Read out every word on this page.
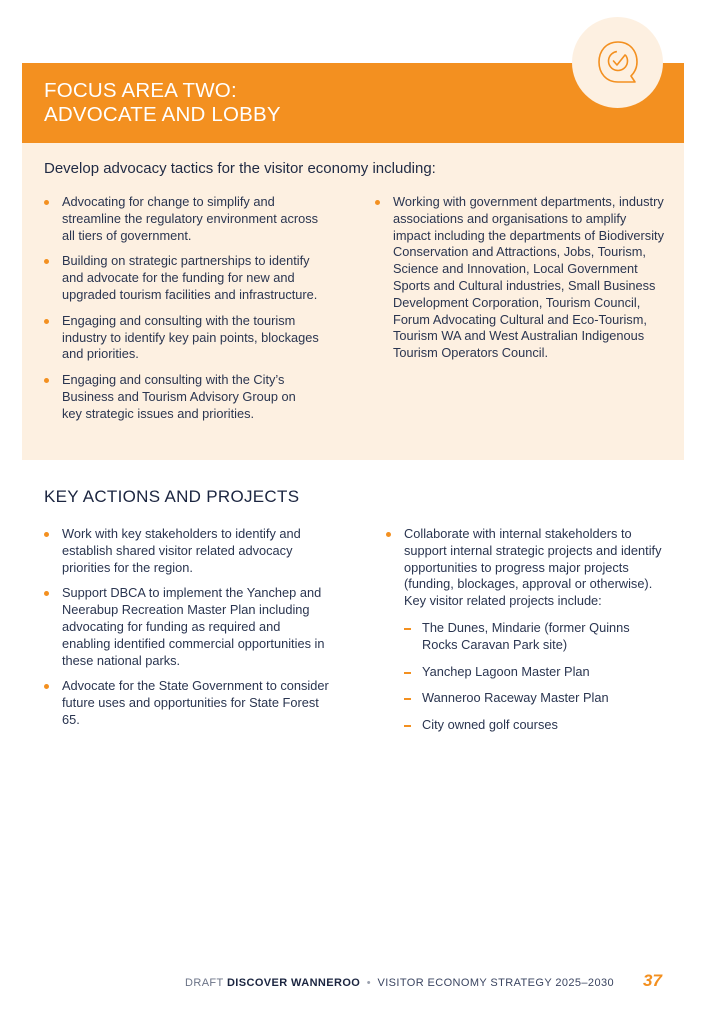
FOCUS AREA TWO:
ADVOCATE AND LOBBY

Develop advocacy tactics for the visitor economy including:

Advocating for change to simplify and streamline the regulatory environment across all tiers of government.
Building on strategic partnerships to identify and advocate for the funding for new and upgraded tourism facilities and infrastructure.
Engaging and consulting with the tourism industry to identify key pain points, blockages and priorities.
Engaging and consulting with the City’s Business and Tourism Advisory Group on key strategic issues and priorities.
Working with government departments, industry associations and organisations to amplify impact including the departments of Biodiversity Conservation and Attractions, Jobs, Tourism, Science and Innovation, Local Government Sports and Cultural industries, Small Business Development Corporation, Tourism Council, Forum Advocating Cultural and Eco-Tourism, Tourism WA and West Australian Indigenous Tourism Operators Council.
KEY ACTIONS AND PROJECTS
Work with key stakeholders to identify and establish shared visitor related advocacy priorities for the region.
Support DBCA to implement the Yanchep and Neerabup Recreation Master Plan including advocating for funding as required and enabling identified commercial opportunities in these national parks.
Advocate for the State Government to consider future uses and opportunities for State Forest 65.
Collaborate with internal stakeholders to support internal strategic projects and identify opportunities to progress major projects (funding, blockages, approval or otherwise). Key visitor related projects include:
The Dunes, Mindarie (former Quinns Rocks Caravan Park site)
Yanchep Lagoon Master Plan
Wanneroo Raceway Master Plan
City owned golf courses
DRAFT DISCOVER WANNEROO • VISITOR ECONOMY STRATEGY 2025–2030 37
